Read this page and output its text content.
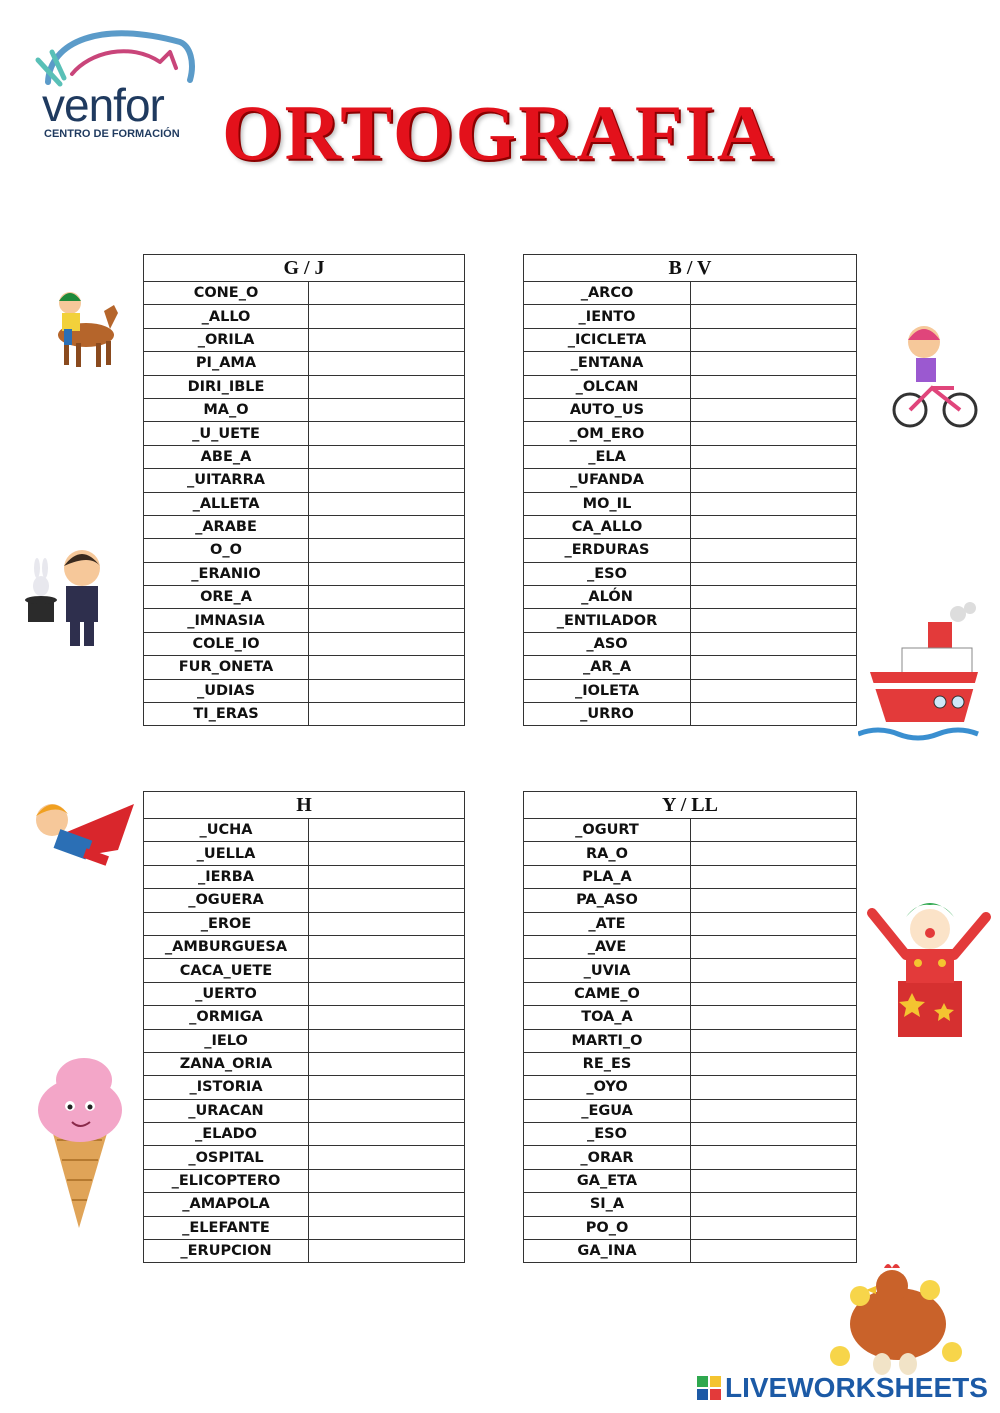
venfor
CENTRO DE FORMACIÓN ORTOGRAFIA
G / J	
CONE_O	
_ALLO	
_ORILA	
PI_AMA	
DIRI_IBLE	
MA_O	
_U_UETE	
ABE_A	
_UITARRA	
_ALLETA	
_ARABE	
O_O	
_ERANIO	
ORE_A	
_IMNASIA	
COLE_IO	
FUR_ONETA	
_UDIAS	
TI_ERAS	
B / V	
_ARCO	
_IENTO	
_ICICLETA	
_ENTANA	
_OLCAN	
AUTO_US	
_OM_ERO	
_ELA	
_UFANDA	
MO_IL	
CA_ALLO	
_ERDURAS	
_ESO	
_ALÓN	
_ENTILADOR	
_ASO	
_AR_A	
_IOLETA	
_URRO	
H	
_UCHA	
_UELLA	
_IERBA	
_OGUERA	
_EROE	
_AMBURGUESA	
CACA_UETE	
_UERTO	
_ORMIGA	
_IELO	
ZANA_ORIA	
_ISTORIA	
_URACAN	
_ELADO	
_OSPITAL	
_ELICOPTERO	
_AMAPOLA	
_ELEFANTE	
_ERUPCION	
Y / LL	
_OGURT	
RA_O	
PLA_A	
PA_ASO	
_ATE	
_AVE	
_UVIA	
CAME_O	
TOA_A	
MARTI_O	
RE_ES	
_OYO	
_EGUA	
_ESO	
_ORAR	
GA_ETA	
SI_A	
PO_O	
GA_INA	
LIVEWORKSHEETS
